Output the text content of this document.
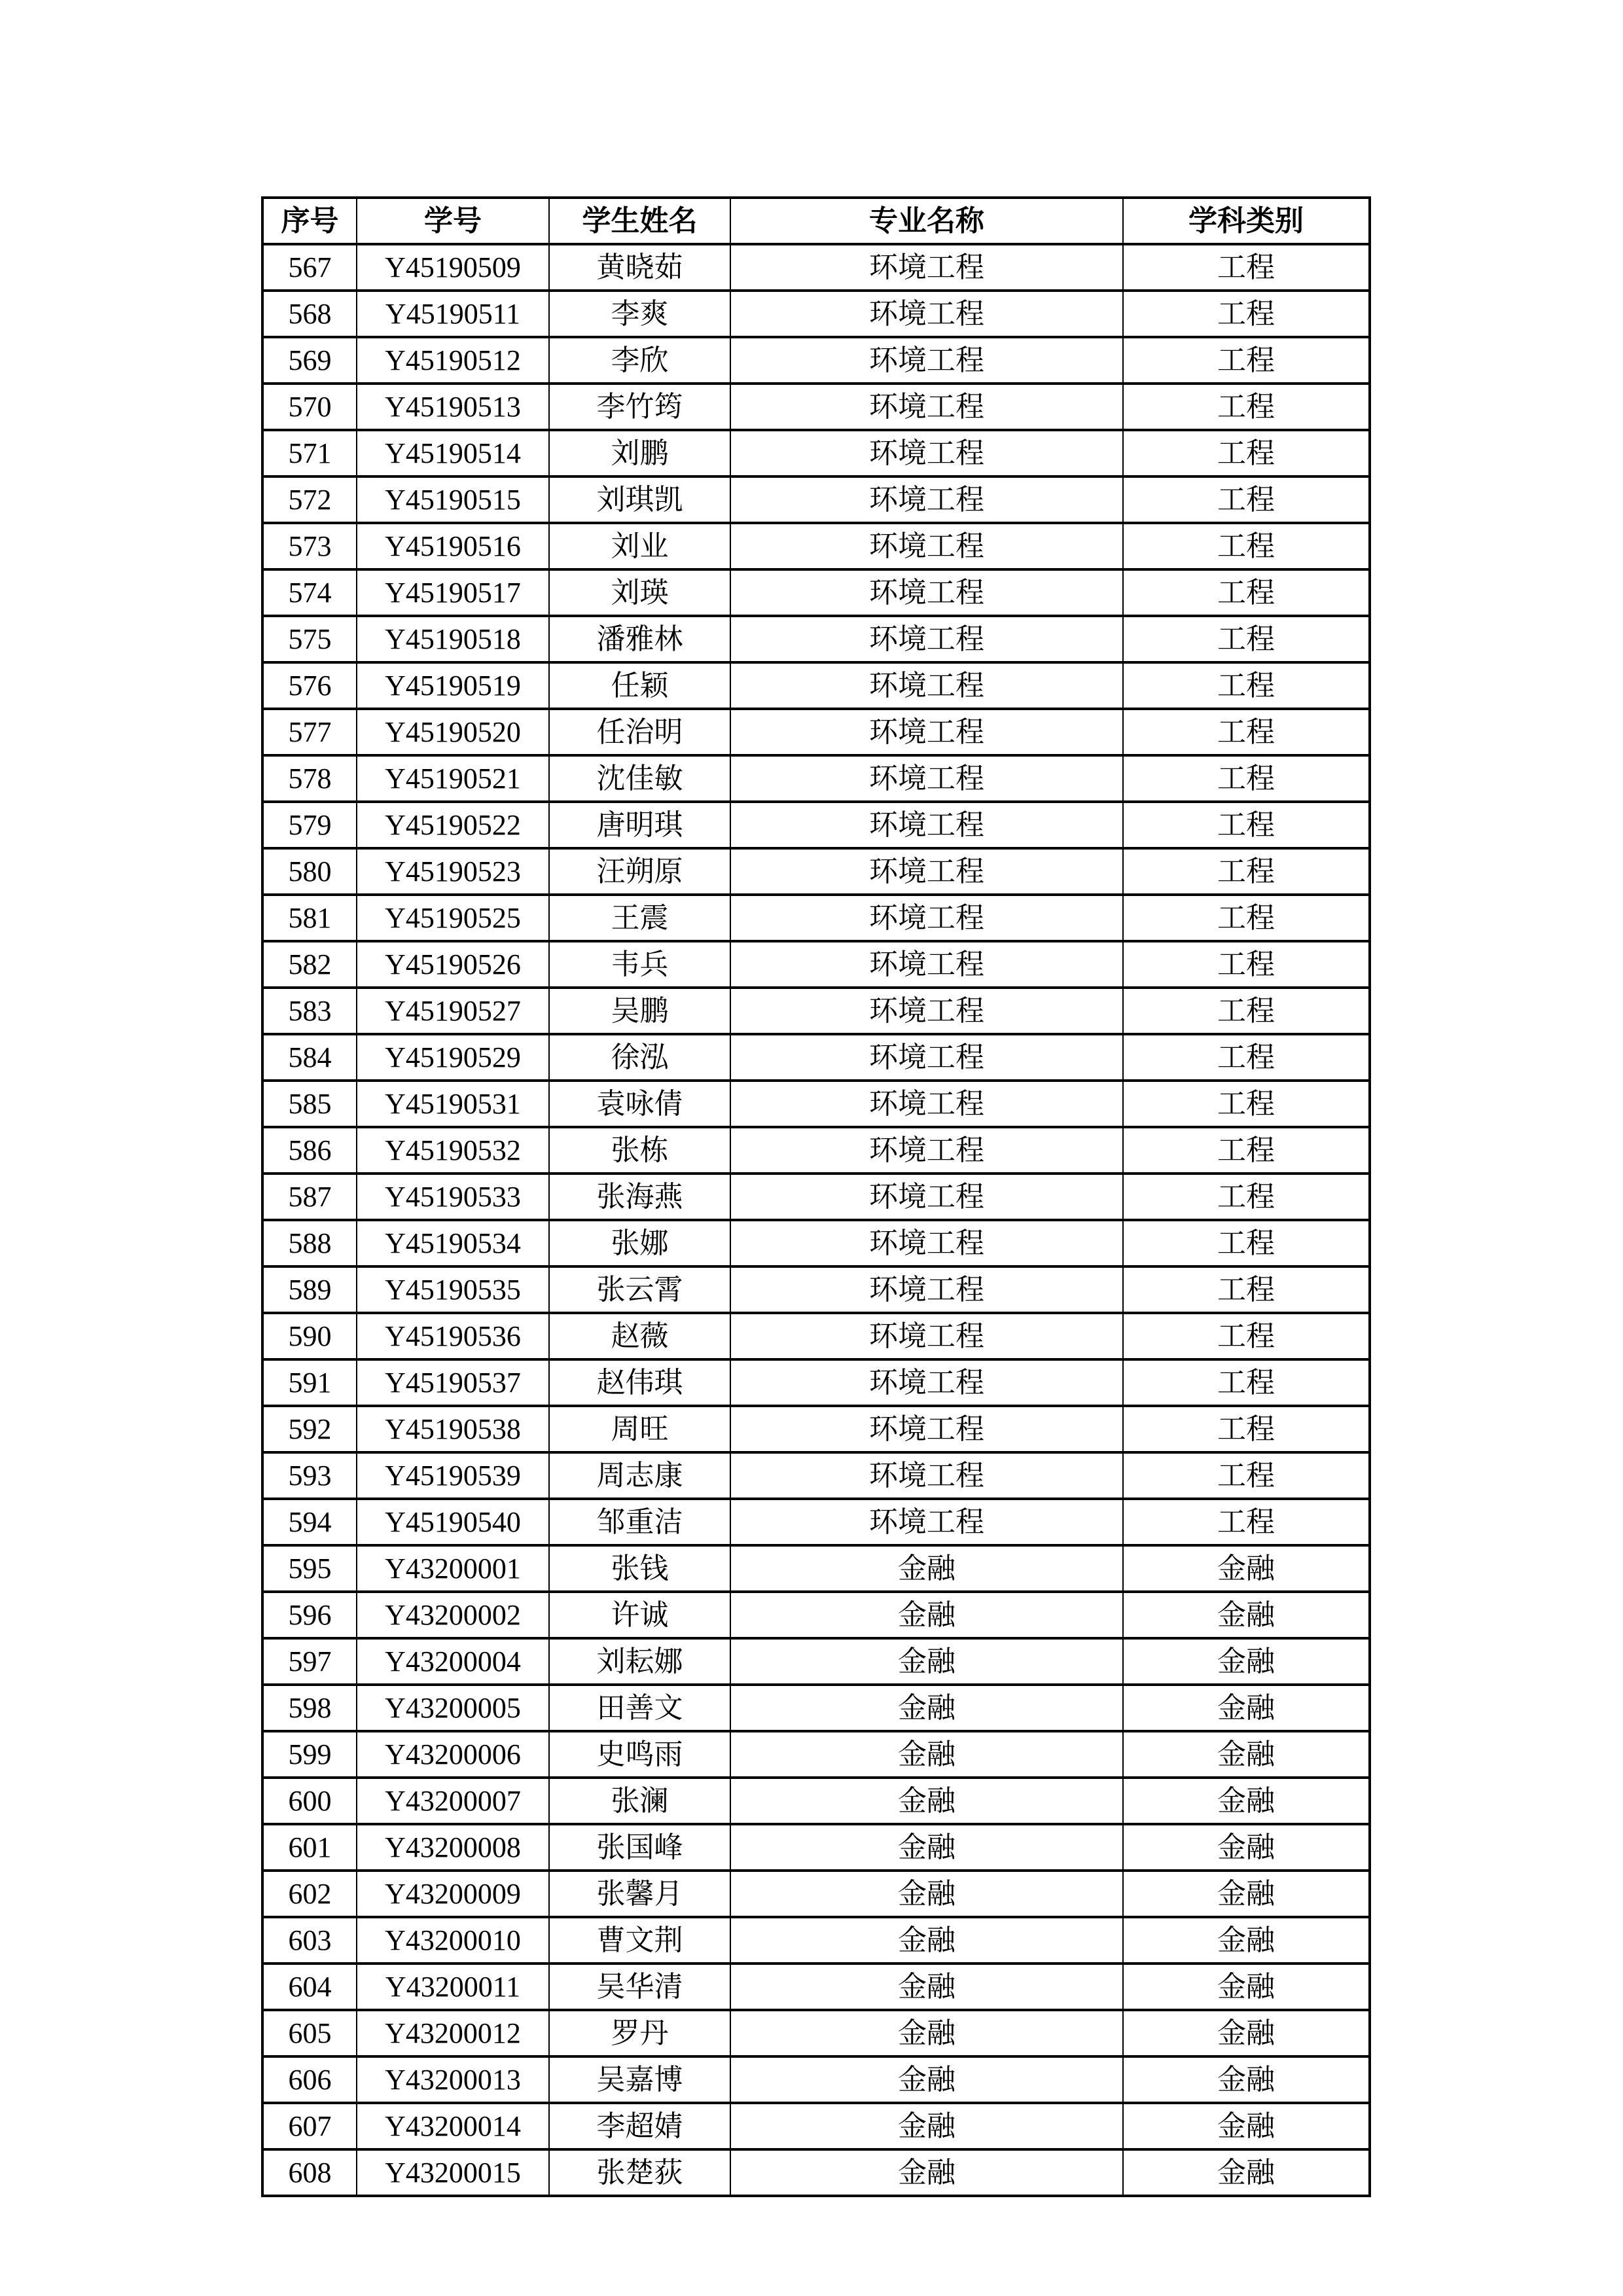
序号	学号	学生姓名	专业名称	学科类别
567	Y45190509	黄晓茹	环境工程	工程
568	Y45190511	李爽	环境工程	工程
569	Y45190512	李欣	环境工程	工程
570	Y45190513	李竹筠	环境工程	工程
571	Y45190514	刘鹏	环境工程	工程
572	Y45190515	刘琪凯	环境工程	工程
573	Y45190516	刘业	环境工程	工程
574	Y45190517	刘瑛	环境工程	工程
575	Y45190518	潘雅林	环境工程	工程
576	Y45190519	任颖	环境工程	工程
577	Y45190520	任治明	环境工程	工程
578	Y45190521	沈佳敏	环境工程	工程
579	Y45190522	唐明琪	环境工程	工程
580	Y45190523	汪朔原	环境工程	工程
581	Y45190525	王震	环境工程	工程
582	Y45190526	韦兵	环境工程	工程
583	Y45190527	吴鹏	环境工程	工程
584	Y45190529	徐泓	环境工程	工程
585	Y45190531	袁咏倩	环境工程	工程
586	Y45190532	张栋	环境工程	工程
587	Y45190533	张海燕	环境工程	工程
588	Y45190534	张娜	环境工程	工程
589	Y45190535	张云霄	环境工程	工程
590	Y45190536	赵薇	环境工程	工程
591	Y45190537	赵伟琪	环境工程	工程
592	Y45190538	周旺	环境工程	工程
593	Y45190539	周志康	环境工程	工程
594	Y45190540	邹重洁	环境工程	工程
595	Y43200001	张钱	金融	金融
596	Y43200002	许诚	金融	金融
597	Y43200004	刘耘娜	金融	金融
598	Y43200005	田善文	金融	金融
599	Y43200006	史鸣雨	金融	金融
600	Y43200007	张澜	金融	金融
601	Y43200008	张国峰	金融	金融
602	Y43200009	张馨月	金融	金融
603	Y43200010	曹文荆	金融	金融
604	Y43200011	吴华清	金融	金融
605	Y43200012	罗丹	金融	金融
606	Y43200013	吴嘉博	金融	金融
607	Y43200014	李超婧	金融	金融
608	Y43200015	张楚荻	金融	金融
